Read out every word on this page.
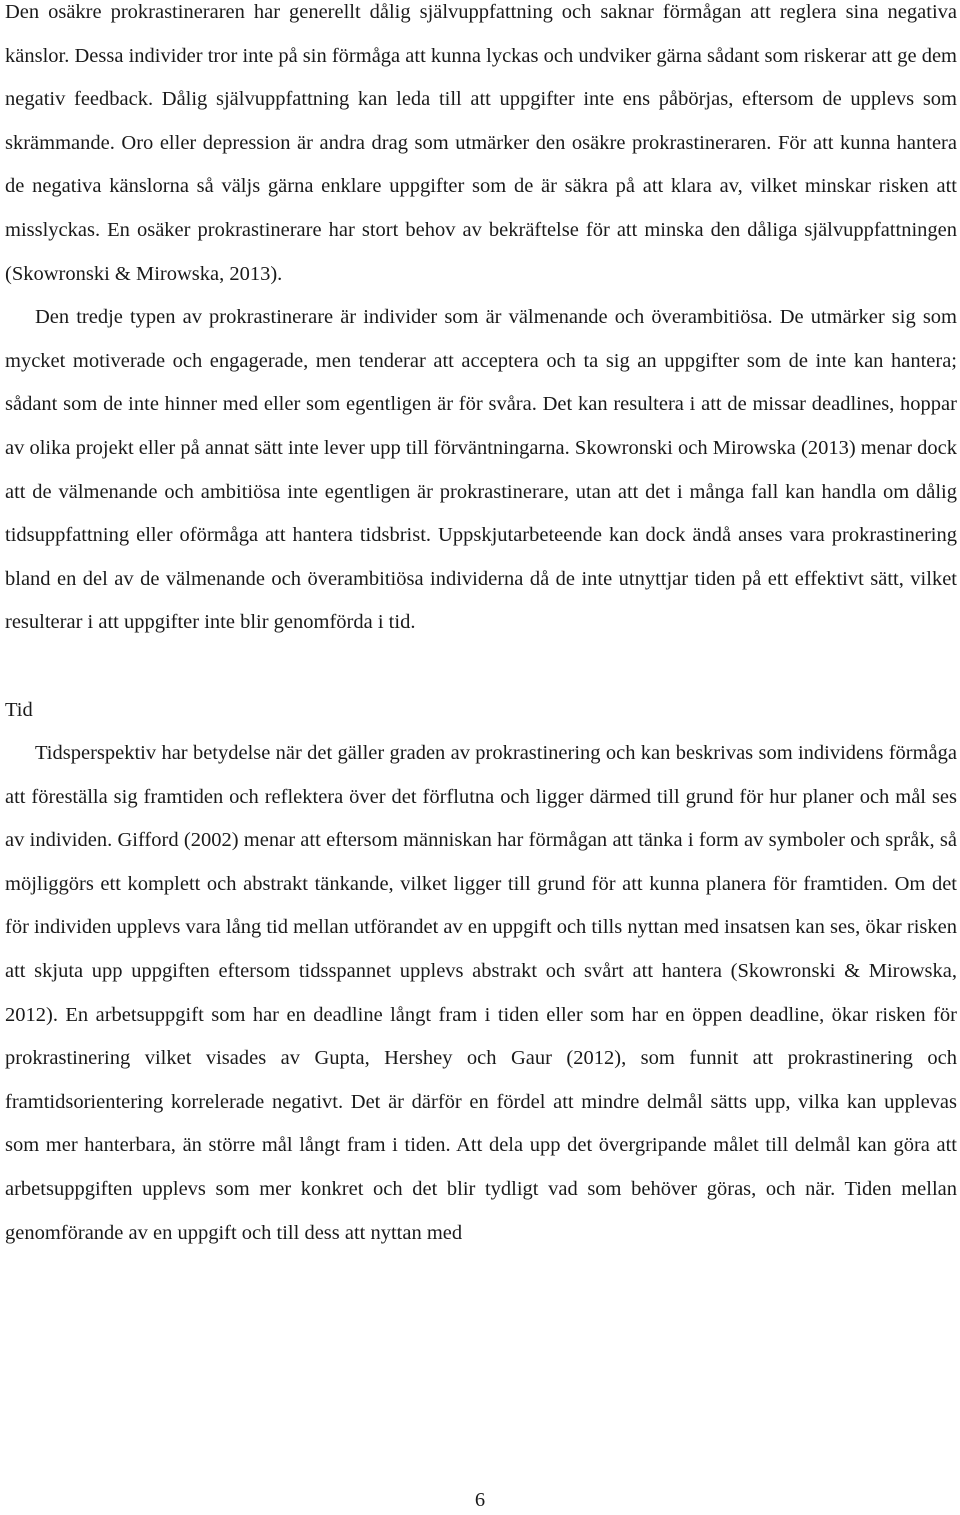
Den osäkre prokrastineraren har generellt dålig självuppfattning och saknar förmågan att reglera sina negativa känslor. Dessa individer tror inte på sin förmåga att kunna lyckas och undviker gärna sådant som riskerar att ge dem negativ feedback. Dålig självuppfattning kan leda till att uppgifter inte ens påbörjas, eftersom de upplevs som skrämmande. Oro eller depression är andra drag som utmärker den osäkre prokrastineraren. För att kunna hantera de negativa känslorna så väljs gärna enklare uppgifter som de är säkra på att klara av, vilket minskar risken att misslyckas. En osäker prokrastinerare har stort behov av bekräftelse för att minska den dåliga självuppfattningen (Skowronski & Mirowska, 2013).

Den tredje typen av prokrastinerare är individer som är välmenande och överambitiösa. De utmärker sig som mycket motiverade och engagerade, men tenderar att acceptera och ta sig an uppgifter som de inte kan hantera; sådant som de inte hinner med eller som egentligen är för svåra. Det kan resultera i att de missar deadlines, hoppar av olika projekt eller på annat sätt inte lever upp till förväntningarna. Skowronski och Mirowska (2013) menar dock att de välmenande och ambitiösa inte egentligen är prokrastinerare, utan att det i många fall kan handla om dålig tidsuppfattning eller oförmåga att hantera tidsbrist. Uppskjutarbeteende kan dock ändå anses vara prokrastinering bland en del av de välmenande och överambitiösa individerna då de inte utnyttjar tiden på ett effektivt sätt, vilket resulterar i att uppgifter inte blir genomförda i tid.

Tid

Tidsperspektiv har betydelse när det gäller graden av prokrastinering och kan beskrivas som individens förmåga att föreställa sig framtiden och reflektera över det förflutna och ligger därmed till grund för hur planer och mål ses av individen. Gifford (2002) menar att eftersom människan har förmågan att tänka i form av symboler och språk, så möjliggörs ett komplett och abstrakt tänkande, vilket ligger till grund för att kunna planera för framtiden. Om det för individen upplevs vara lång tid mellan utförandet av en uppgift och tills nyttan med insatsen kan ses, ökar risken att skjuta upp uppgiften eftersom tidsspannet upplevs abstrakt och svårt att hantera (Skowronski & Mirowska, 2012). En arbetsuppgift som har en deadline långt fram i tiden eller som har en öppen deadline, ökar risken för prokrastinering vilket visades av Gupta, Hershey och Gaur (2012), som funnit att prokrastinering och framtidsorientering korrelerade negativt. Det är därför en fördel att mindre delmål sätts upp, vilka kan upplevas som mer hanterbara, än större mål långt fram i tiden. Att dela upp det övergripande målet till delmål kan göra att arbetsuppgiften upplevs som mer konkret och det blir tydligt vad som behöver göras, och när. Tiden mellan genomförande av en uppgift och till dess att nyttan med

6
